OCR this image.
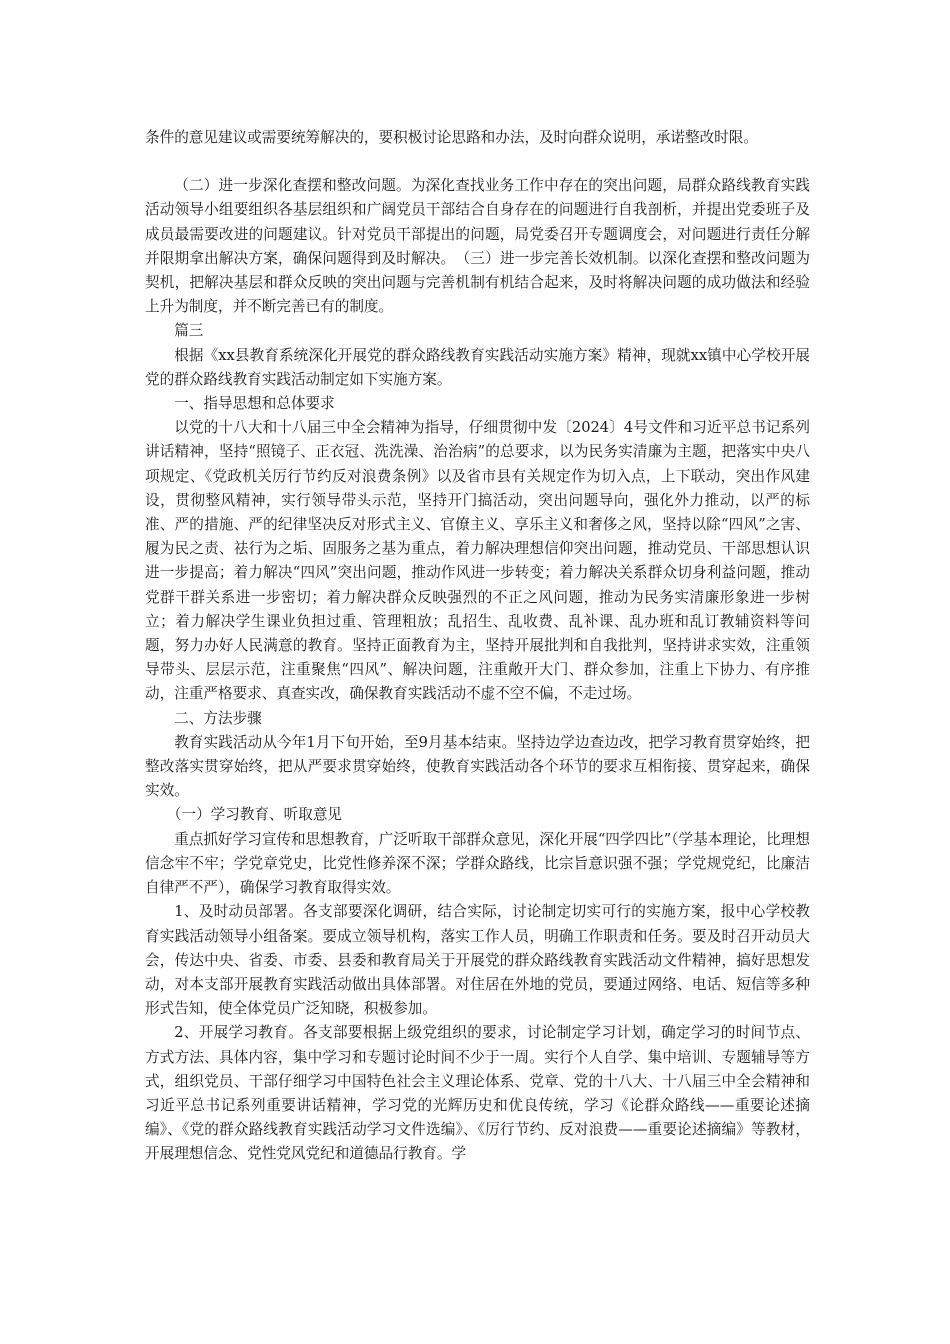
条件的意见建议或需要统筹解决的，要积极讨论思路和办法，及时向群众说明，承诺整改时限。

（二）进一步深化查摆和整改问题。为深化查找业务工作中存在的突出问题，局群众路线教育实践活动领导小组要组织各基层组织和广阔党员干部结合自身存在的问题进行自我剖析，并提出党委班子及成员最需要改进的问题建议。针对党员干部提出的问题，局党委召开专题调度会，对问题进行责任分解并限期拿出解决方案，确保问题得到及时解决。　（三）进一步完善长效机制。以深化查摆和整改问题为契机，把解决基层和群众反映的突出问题与完善机制有机结合起来，及时将解决问题的成功做法和经验上升为制度，并不断完善已有的制度。

篇三

根据《xx县教育系统深化开展党的群众路线教育实践活动实施方案》精神，现就xx镇中心学校开展党的群众路线教育实践活动制定如下实施方案。

一、指导思想和总体要求

以党的十八大和十八届三中全会精神为指导，仔细贯彻中发〔2024〕4号文件和习近平总书记系列讲话精神，坚持“照镜子、正衣冠、洗洗澡、治治病”的总要求，以为民务实清廉为主题，把落实中央八项规定、《党政机关厉行节约反对浪费条例》以及省市县有关规定作为切入点，上下联动，突出作风建设，贯彻整风精神，实行领导带头示范，坚持开门搞活动，突出问题导向，强化外力推动，以严的标准、严的措施、严的纪律坚决反对形式主义、官僚主义、享乐主义和奢侈之风，坚持以除“四风”之害、履为民之责、祛行为之垢、固服务之基为重点，着力解决理想信仰突出问题，推动党员、干部思想认识进一步提高；着力解决“四风”突出问题，推动作风进一步转变；着力解决关系群众切身利益问题，推动党群干群关系进一步密切；着力解决群众反映强烈的不正之风问题，推动为民务实清廉形象进一步树立；着力解决学生课业负担过重、管理粗放；乱招生、乱收费、乱补课、乱办班和乱订教辅资料等问题，努力办好人民满意的教育。坚持正面教育为主，坚持开展批判和自我批判，坚持讲求实效，注重领导带头、层层示范，注重聚焦“四风”、解决问题，注重敞开大门、群众参加，注重上下协力、有序推动，注重严格要求、真查实改，确保教育实践活动不虚不空不偏，不走过场。

二、方法步骤

教育实践活动从今年1月下旬开始，至9月基本结束。坚持边学边查边改，把学习教育贯穿始终，把整改落实贯穿始终，把从严要求贯穿始终，使教育实践活动各个环节的要求互相衔接、贯穿起来，确保实效。

（一）学习教育、听取意见

重点抓好学习宣传和思想教育，广泛听取干部群众意见，深化开展“四学四比”（学基本理论，比理想信念牢不牢；学党章党史，比党性修养深不深；学群众路线，比宗旨意识强不强；学党规党纪，比廉洁自律严不严），确保学习教育取得实效。

1、及时动员部署。各支部要深化调研，结合实际，讨论制定切实可行的实施方案，报中心学校教育实践活动领导小组备案。要成立领导机构，落实工作人员，明确工作职责和任务。要及时召开动员大会，传达中央、省委、市委、县委和教育局关于开展党的群众路线教育实践活动文件精神，搞好思想发动，对本支部开展教育实践活动做出具体部署。对住居在外地的党员，要通过网络、电话、短信等多种形式告知，使全体党员广泛知晓，积极参加。

2、开展学习教育。各支部要根据上级党组织的要求，讨论制定学习计划，确定学习的时间节点、方式方法、具体内容，集中学习和专题讨论时间不少于一周。实行个人自学、集中培训、专题辅导等方式，组织党员、干部仔细学习中国特色社会主义理论体系、党章、党的十八大、十八届三中全会精神和习近平总书记系列重要讲话精神，学习党的光辉历史和优良传统，学习《论群众路线——重要论述摘编》、《党的群众路线教育实践活动学习文件选编》、《厉行节约、反对浪费——重要论述摘编》等教材，开展理想信念、党性党风党纪和道德品行教育。学
